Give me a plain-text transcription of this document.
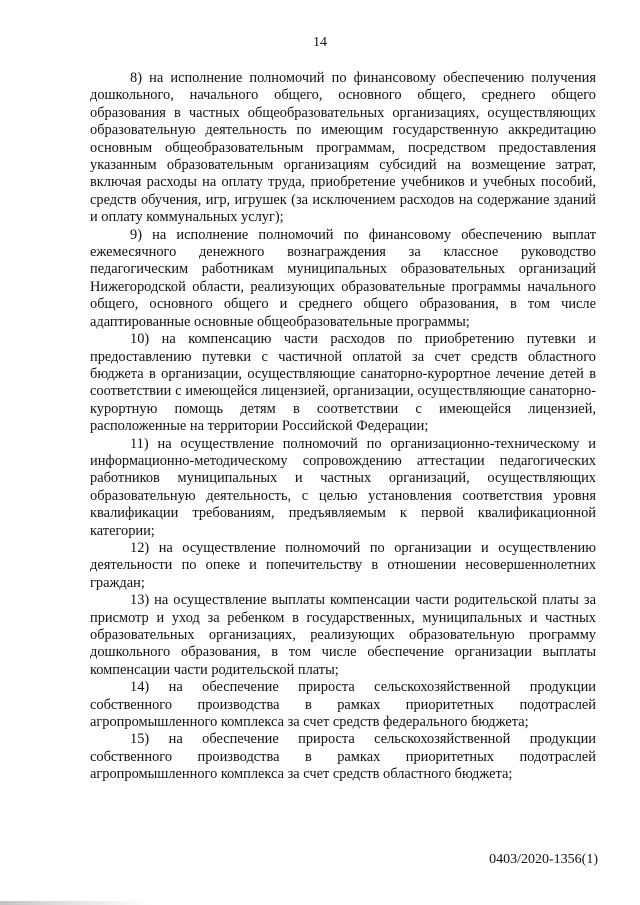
14

8) на исполнение полномочий по финансовому обеспечению получения дошкольного, начального общего, основного общего, среднего общего образования в частных общеобразовательных организациях, осуществляющих образовательную деятельность по имеющим государственную аккредитацию основным общеобразовательным программам, посредством предоставления указанным образовательным организациям субсидий на возмещение затрат, включая расходы на оплату труда, приобретение учебников и учебных пособий, средств обучения, игр, игрушек (за исключением расходов на содержание зданий и оплату коммунальных услуг);

9) на исполнение полномочий по финансовому обеспечению выплат ежемесячного денежного вознаграждения за классное руководство педагогическим работникам муниципальных образовательных организаций Нижегородской области, реализующих образовательные программы начального общего, основного общего и среднего общего образования, в том числе адаптированные основные общеобразовательные программы;

10) на компенсацию части расходов по приобретению путевки и предоставлению путевки с частичной оплатой за счет средств областного бюджета в организации, осуществляющие санаторно-курортное лечение детей в соответствии с имеющейся лицензией, организации, осуществляющие санаторно-курортную помощь детям в соответствии с имеющейся лицензией, расположенные на территории Российской Федерации;

11) на осуществление полномочий по организационно-техническому и информационно-методическому сопровождению аттестации педагогических работников муниципальных и частных организаций, осуществляющих образовательную деятельность, с целью установления соответствия уровня квалификации требованиям, предъявляемым к первой квалификационной категории;

12) на осуществление полномочий по организации и осуществлению деятельности по опеке и попечительству в отношении несовершеннолетних граждан;

13) на осуществление выплаты компенсации части родительской платы за присмотр и уход за ребенком в государственных, муниципальных и частных образовательных организациях, реализующих образовательную программу дошкольного образования, в том числе обеспечение организации выплаты компенсации части родительской платы;

14) на обеспечение прироста сельскохозяйственной продукции собственного производства в рамках приоритетных подотраслей агропромышленного комплекса за счет средств федерального бюджета;

15) на обеспечение прироста сельскохозяйственной продукции собственного производства в рамках приоритетных подотраслей агропромышленного комплекса за счет средств областного бюджета;

0403/2020-1356(1)
